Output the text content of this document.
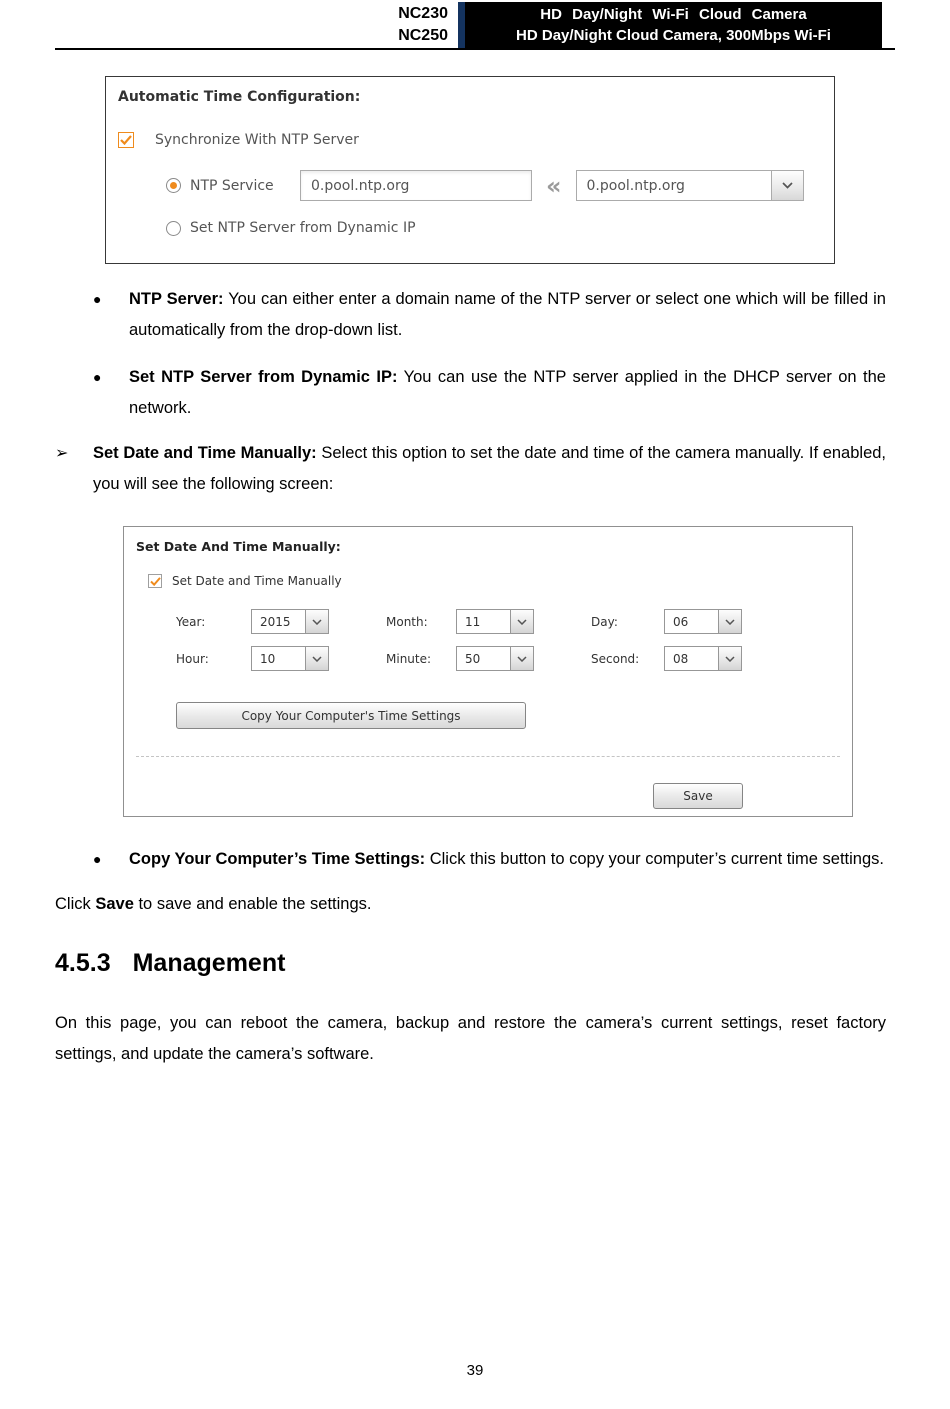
NC230
NC250
HD Day/Night Wi-Fi Cloud Camera
HD Day/Night Cloud Camera, 300Mbps Wi-Fi
Automatic Time Configuration:
Synchronize With NTP Server
NTP Service	0.pool.ntp.org	«	0.pool.ntp.org
Set NTP Server from Dynamic IP
● NTP Server: You can either enter a domain name of the NTP server or select one which will be filled in automatically from the drop-down list.
● Set NTP Server from Dynamic IP: You can use the NTP server applied in the DHCP server on the network.
➢ Set Date and Time Manually: Select this option to set the date and time of the camera manually. If enabled, you will see the following screen:
Set Date And Time Manually:
Set Date and Time Manually
Year:	2015	Month:	11	Day:	06
Hour:	10	Minute:	50	Second:	08
Copy Your Computer's Time Settings
Save
● Copy Your Computer’s Time Settings: Click this button to copy your computer’s current time settings.

Click Save to save and enable the settings.

4.5.3 Management

On this page, you can reboot the camera, backup and restore the camera’s current settings, reset factory settings, and update the camera’s software.

39
